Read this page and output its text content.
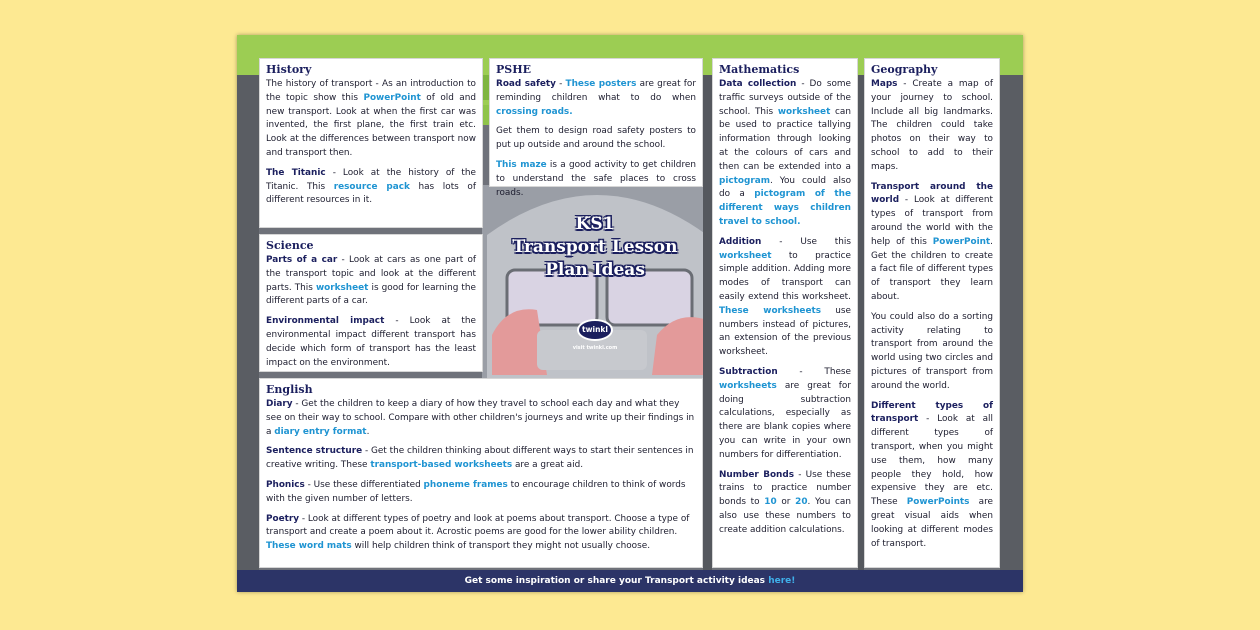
History

The history of transport - As an introduction to the topic show this PowerPoint of old and new transport. Look at when the first car was invented, the first plane, the first train etc. Look at the differences between transport now and transport then.

The Titanic - Look at the history of the Titanic. This resource pack has lots of different resources in it.

Science

Parts of a car - Look at cars as one part of the transport topic and look at the different parts. This worksheet is good for learning the different parts of a car.

Environmental impact - Look at the environmental impact different transport has decide which form of transport has the least impact on the environment.

PSHE

Road safety - These posters are great for reminding children what to do when crossing roads.

Get them to design road safety posters to put up outside and around the school.

This maze is a good activity to get children to understand the safe places to cross roads.

KS1
Transport Lesson
Plan Ideas
twinkl
visit twinkl.com
English

Diary - Get the children to keep a diary of how they travel to school each day and what they see on their way to school. Compare with other children's journeys and write up their findings in a diary entry format.

Sentence structure - Get the children thinking about different ways to start their sentences in creative writing. These transport-based worksheets are a great aid.

Phonics - Use these differentiated phoneme frames to encourage children to think of words with the given number of letters.

Poetry - Look at different types of poetry and look at poems about transport. Choose a type of transport and create a poem about it. Acrostic poems are good for the lower ability children. These word mats will help children think of transport they might not usually choose.

Mathematics

Data collection - Do some traffic surveys outside of the school. This worksheet can be used to practice tallying information through looking at the colours of cars and then can be extended into a pictogram. You could also do a pictogram of the different ways children travel to school.

Addition - Use this worksheet to practice simple addition. Adding more modes of transport can easily extend this worksheet. These worksheets use numbers instead of pictures, an extension of the previous worksheet.

Subtraction - These worksheets are great for doing subtraction calculations, especially as there are blank copies where you can write in your own numbers for differentiation.

Number Bonds - Use these trains to practice number bonds to 10 or 20. You can also use these numbers to create addition calculations.

Geography

Maps - Create a map of your journey to school. Include all big landmarks. The children could take photos on their way to school to add to their maps.

Transport around the world - Look at different types of transport from around the world with the help of this PowerPoint. Get the children to create a fact file of different types of transport they learn about.

You could also do a sorting activity relating to transport from around the world using two circles and pictures of transport from around the world.

Different types of transport - Look at all different types of transport, when you might use them, how many people they hold, how expensive they are etc. These PowerPoints are great visual aids when looking at different modes of transport.

Get some inspiration or share your Transport activity ideas here!
